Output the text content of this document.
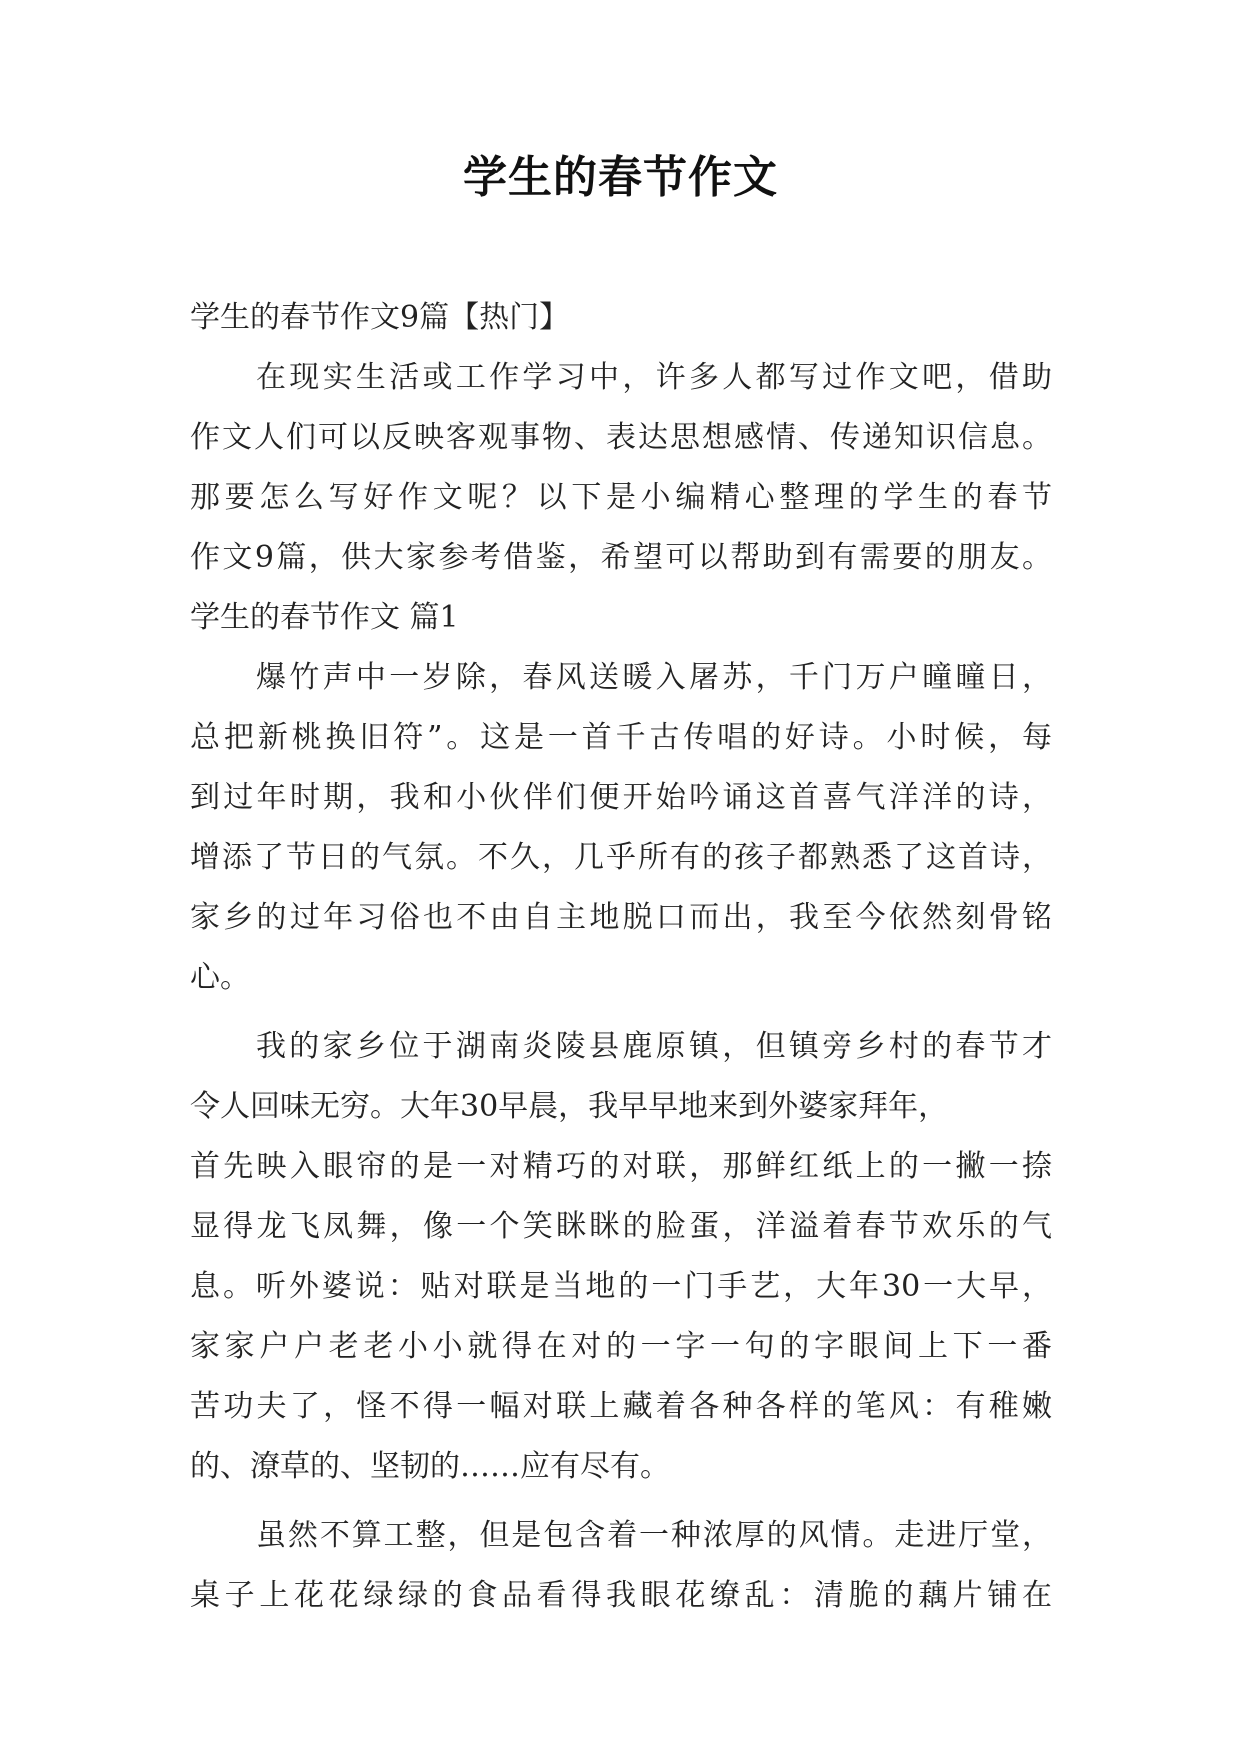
学生的春节作文
学生的春节作文9篇【热门】
在现实生活或工作学习中，许多人都写过作文吧，借助
作文人们可以反映客观事物、表达思想感情、传递知识信息。
那要怎么写好作文呢？以下是小编精心整理的学生的春节
作文9篇，供大家参考借鉴，希望可以帮助到有需要的朋友。
学生的春节作文 篇1
爆竹声中一岁除，春风送暖入屠苏，千门万户曈曈日，
总把新桃换旧符”。这是一首千古传唱的好诗。小时候，每
到过年时期，我和小伙伴们便开始吟诵这首喜气洋洋的诗，
增添了节日的气氛。不久，几乎所有的孩子都熟悉了这首诗，
家乡的过年习俗也不由自主地脱口而出，我至今依然刻骨铭
心。
我的家乡位于湖南炎陵县鹿原镇，但镇旁乡村的春节才
令人回味无穷。大年30早晨，我早早地来到外婆家拜年，
首先映入眼帘的是一对精巧的对联，那鲜红纸上的一撇一捺
显得龙飞凤舞，像一个笑眯眯的脸蛋，洋溢着春节欢乐的气
息。听外婆说：贴对联是当地的一门手艺，大年30一大早，
家家户户老老小小就得在对的一字一句的字眼间上下一番
苦功夫了，怪不得一幅对联上藏着各种各样的笔风：有稚嫩
的、潦草的、坚韧的……应有尽有。
虽然不算工整，但是包含着一种浓厚的风情。走进厅堂，
桌子上花花绿绿的食品看得我眼花缭乱：清脆的藕片铺在
